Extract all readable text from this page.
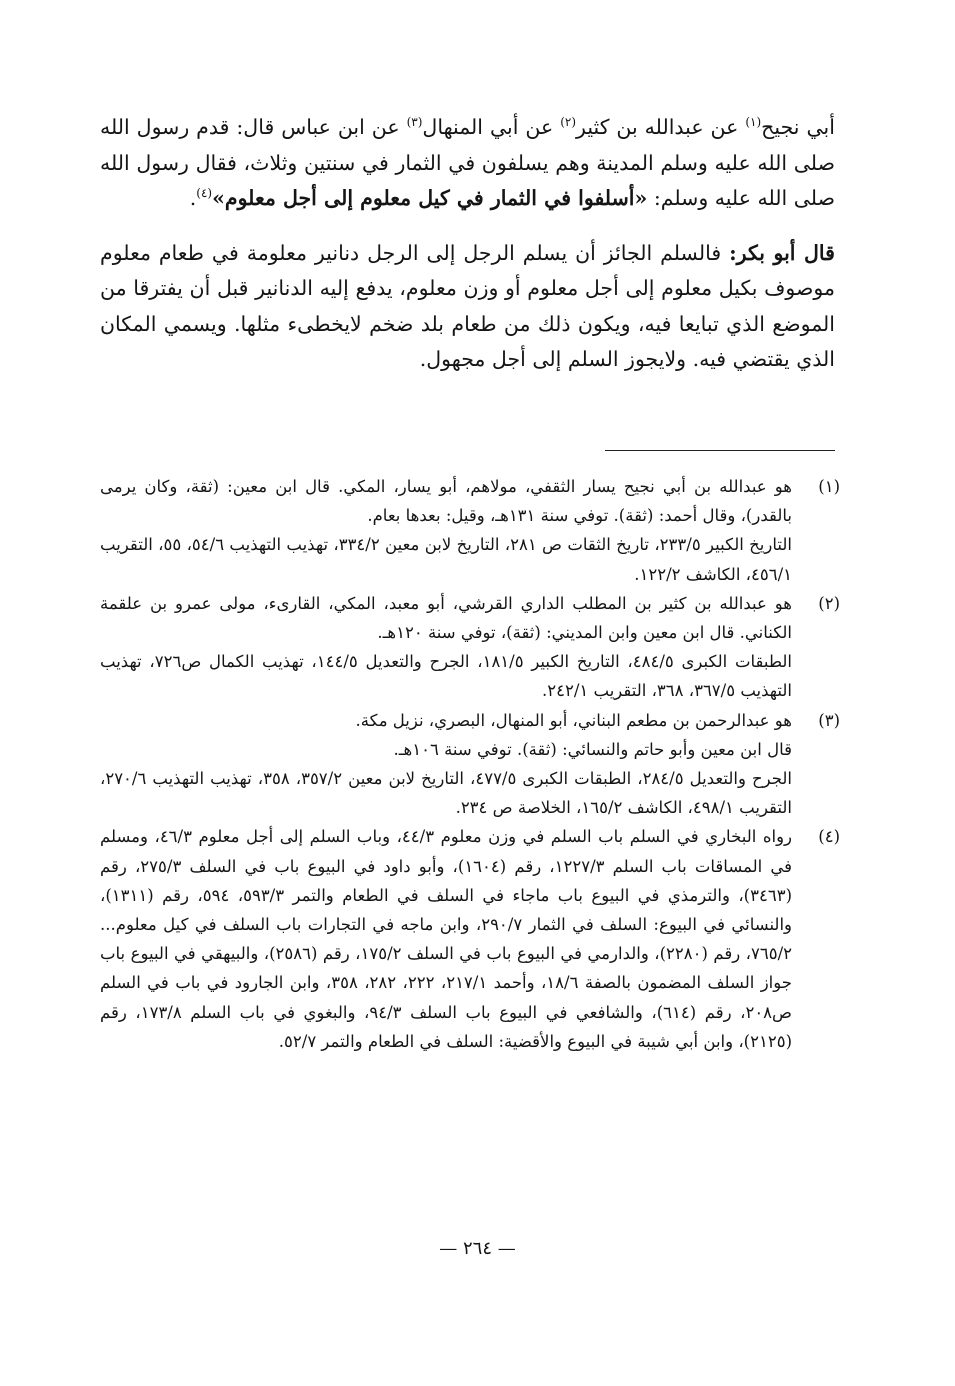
أبي نجيح$^{(١)}$ عن عبدالله بن كثير$^{(٢)}$ عن أبي المنهال$^{(٣)}$ عن ابن عباس قال: قدم رسول الله صلى الله عليه وسلم المدينة وهم يسلفون في الثمار في سنتين وثلاث، فقال رسول الله صلى الله عليه وسلم: «أسلفوا في الثمار في كيل معلوم إلى أجل معلوم»$^{(٤)}$.

قال أبو بكر: فالسلم الجائز أن يسلم الرجل إلى الرجل دنانير معلومة في طعام معلوم موصوف بكيل معلوم إلى أجل معلوم أو وزن معلوم، يدفع إليه الدنانير قبل أن يفترقا من الموضع الذي تبايعا فيه، ويكون ذلك من طعام بلد ضخم لايخطىء مثلها. ويسمي المكان الذي يقتضي فيه. ولايجوز السلم إلى أجل مجهول.

(١)
هو عبدالله بن أبي نجيح يسار الثقفي، مولاهم، أبو يسار، المكي. قال ابن معين: (ثقة، وكان يرمى بالقدر)، وقال أحمد: (ثقة). توفي سنة ١٣١هـ، وقيل: بعدها بعام.
التاريخ الكبير ٢٣٣/٥، تاريخ الثقات ص ٢٨١، التاريخ لابن معين ٣٣٤/٢، تهذيب التهذيب ٥٤/٦، ٥٥، التقريب ٤٥٦/١، الكاشف ١٢٢/٢.
(٢)
هو عبدالله بن كثير بن المطلب الداري القرشي، أبو معبد، المكي، القارىء، مولى عمرو بن علقمة الكناني. قال ابن معين وابن المديني: (ثقة)، توفي سنة ١٢٠هـ.
الطبقات الكبرى ٤٨٤/٥، التاريخ الكبير ١٨١/٥، الجرح والتعديل ١٤٤/٥، تهذيب الكمال ص٧٢٦، تهذيب التهذيب ٣٦٧/٥، ٣٦٨، التقريب ٢٤٢/١.
(٣)
هو عبدالرحمن بن مطعم البناني، أبو المنهال، البصري، نزيل مكة.
قال ابن معين وأبو حاتم والنسائي: (ثقة). توفي سنة ١٠٦هـ.
الجرح والتعديل ٢٨٤/٥، الطبقات الكبرى ٤٧٧/٥، التاريخ لابن معين ٣٥٧/٢، ٣٥٨، تهذيب التهذيب ٢٧٠/٦، التقريب ٤٩٨/١، الكاشف ١٦٥/٢، الخلاصة ص ٢٣٤.
(٤)
رواه البخاري في السلم باب السلم في وزن معلوم ٤٤/٣، وباب السلم إلى أجل معلوم ٤٦/٣، ومسلم في المساقات باب السلم ١٢٢٧/٣، رقم (١٦٠٤)، وأبو داود في البيوع باب في السلف ٢٧٥/٣، رقم (٣٤٦٣)، والترمذي في البيوع باب ماجاء في السلف في الطعام والتمر ٥٩٣/٣، ٥٩٤، رقم (١٣١١)، والنسائي في البيوع: السلف في الثمار ٢٩٠/٧، وابن ماجه في التجارات باب السلف في كيل معلوم... ٧٦٥/٢، رقم (٢٢٨٠)، والدارمي في البيوع باب في السلف ١٧٥/٢، رقم (٢٥٨٦)، والبيهقي في البيوع باب جواز السلف المضمون بالصفة ١٨/٦، وأحمد ٢١٧/١، ٢٢٢، ٢٨٢، ٣٥٨، وابن الجارود في باب في السلم ص٢٠٨، رقم (٦١٤)، والشافعي في البيوع باب السلف ٩٤/٣، والبغوي في باب السلم ١٧٣/٨، رقم (٢١٢٥)، وابن أبي شيبة في البيوع والأقضية: السلف في الطعام والتمر ٥٢/٧.
— ٢٦٤ —
